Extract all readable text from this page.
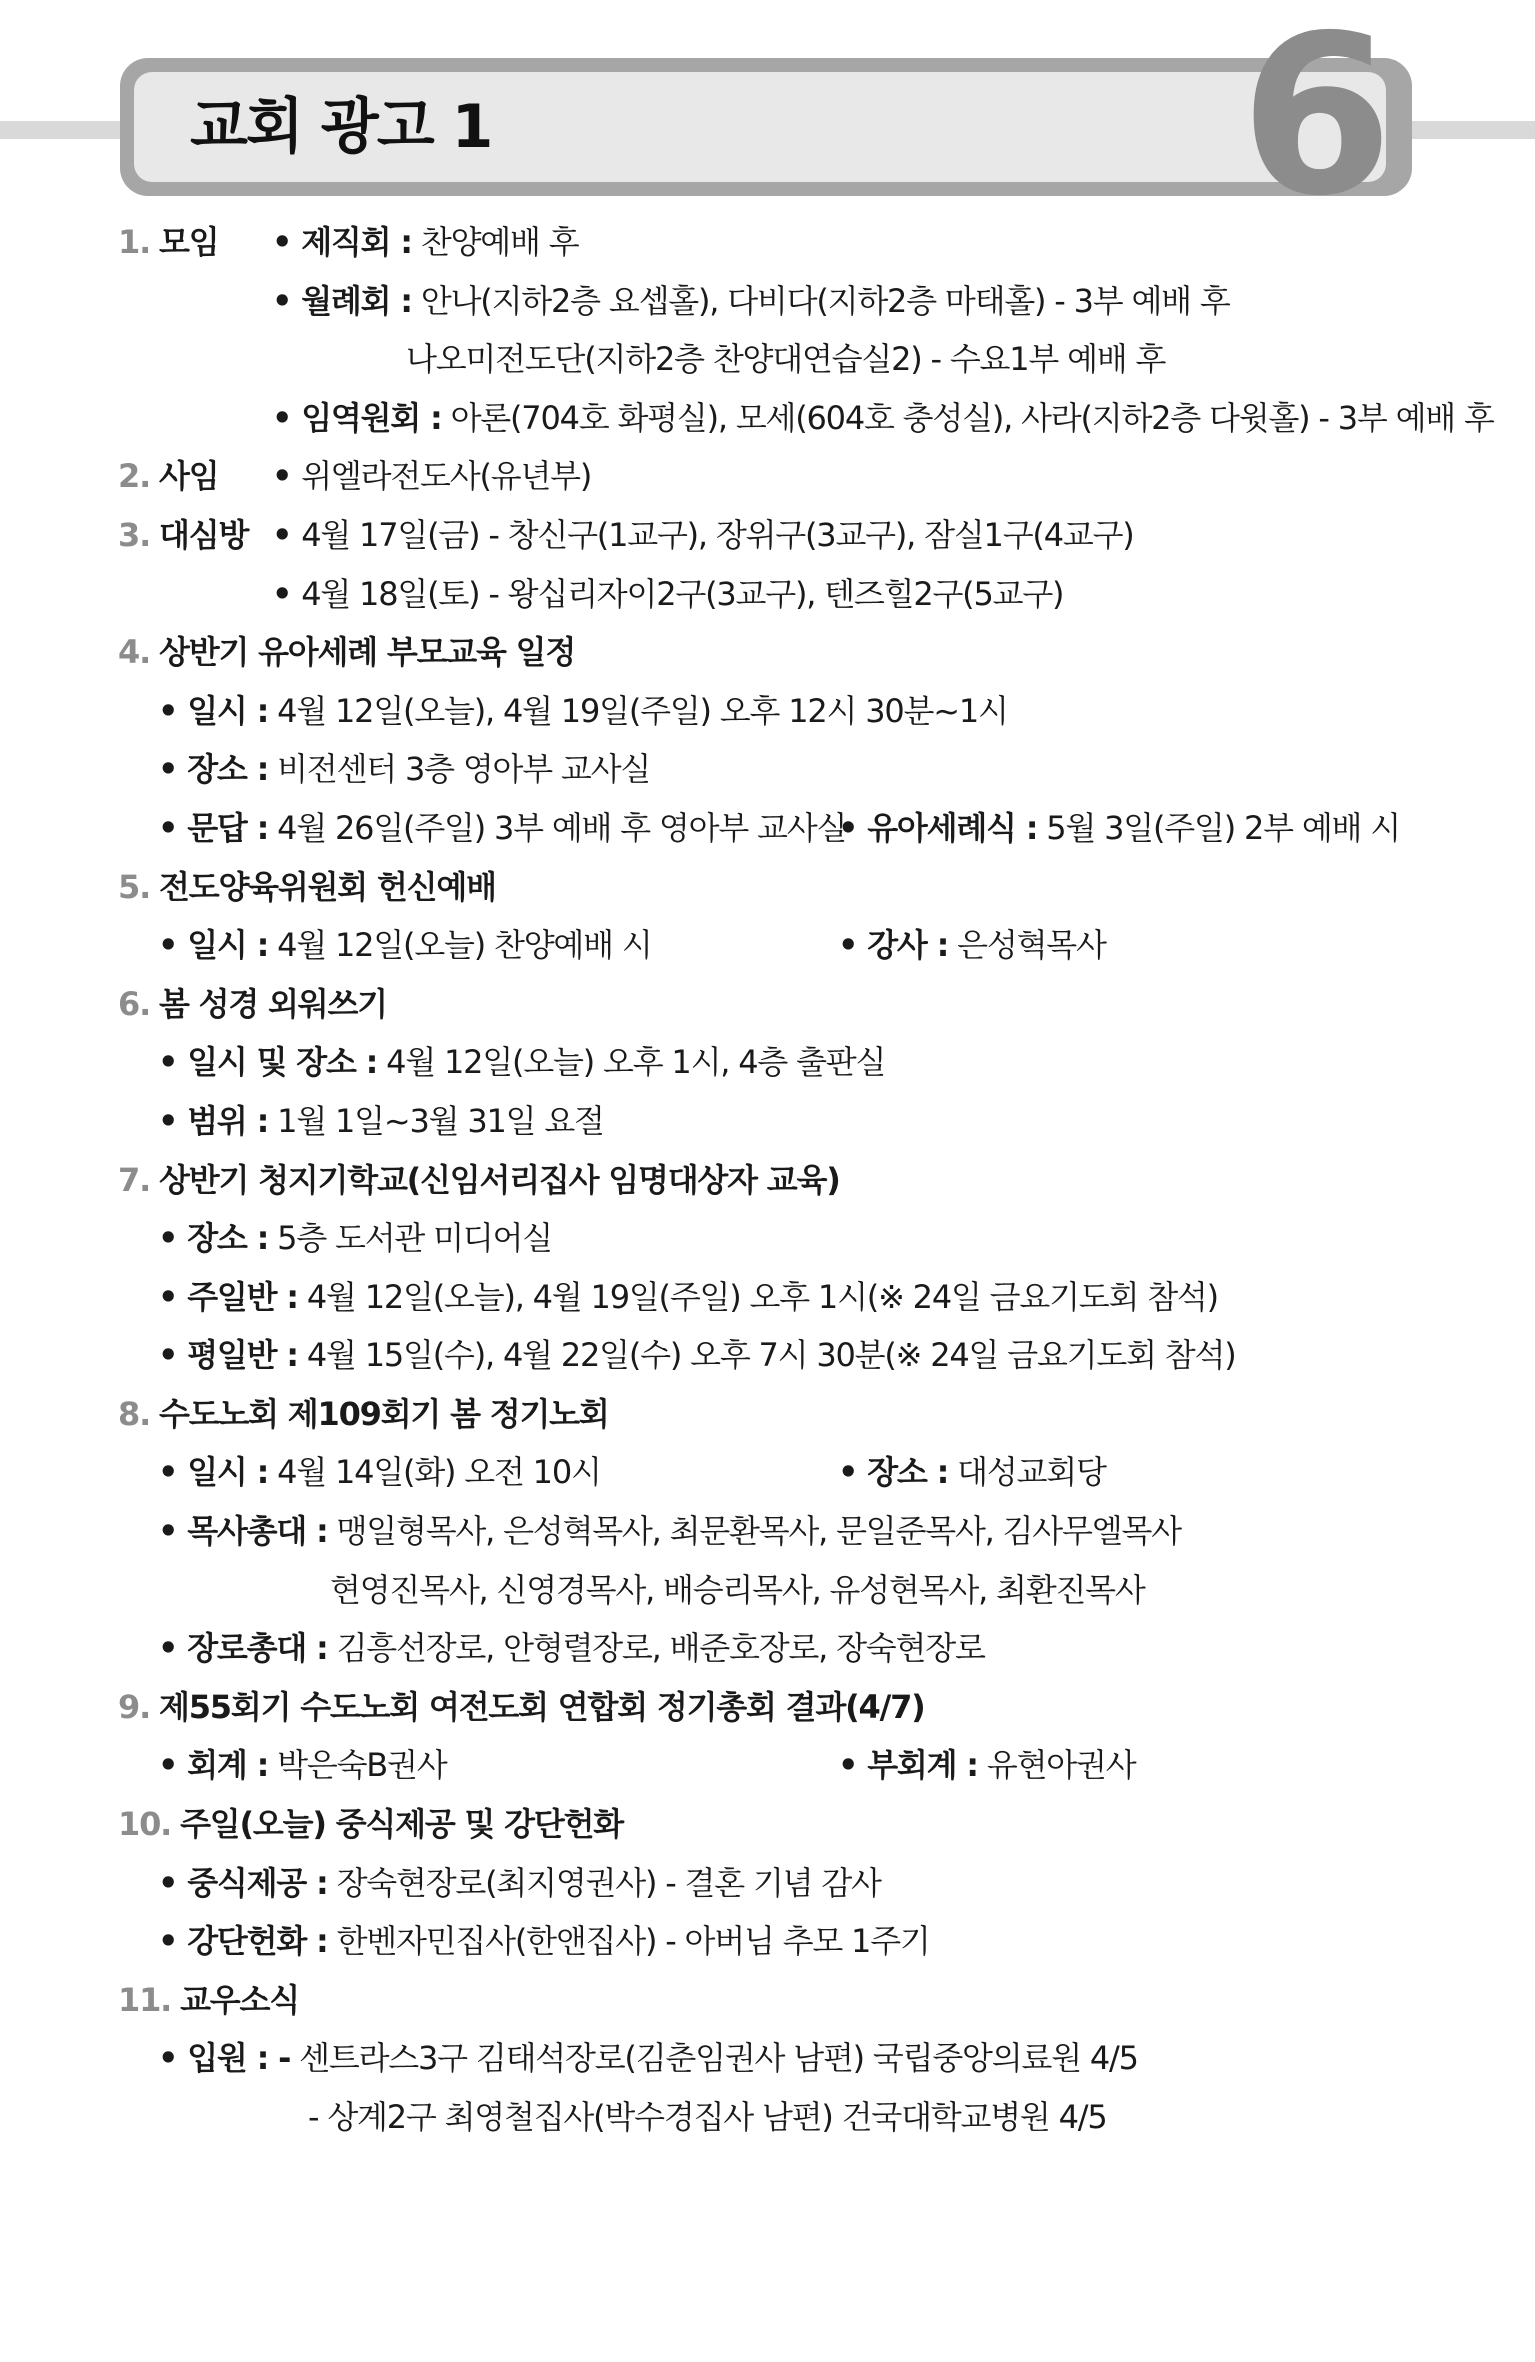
교회 광고 1	6
1. 모임 • 제직회 : 찬양예배 후
• 월례회 : 안나(지하2층 요셉홀), 다비다(지하2층 마태홀) - 3부 예배 후
나오미전도단(지하2층 찬양대연습실2) - 수요1부 예배 후
• 임역원회 : 아론(704호 화평실), 모세(604호 충성실), 사라(지하2층 다윗홀) - 3부 예배 후
2. 사임 • 위엘라전도사(유년부)
3. 대심방 • 4월 17일(금) - 창신구(1교구), 장위구(3교구), 잠실1구(4교구)
• 4월 18일(토) - 왕십리자이2구(3교구), 텐즈힐2구(5교구)
4. 상반기 유아세례 부모교육 일정
• 일시 : 4월 12일(오늘), 4월 19일(주일) 오후 12시 30분~1시
• 장소 : 비전센터 3층 영아부 교사실
• 문답 : 4월 26일(주일) 3부 예배 후 영아부 교사실
• 유아세례식 : 5월 3일(주일) 2부 예배 시
5. 전도양육위원회 헌신예배
• 일시 : 4월 12일(오늘) 찬양예배 시	• 강사 : 은성혁목사
6. 봄 성경 외워쓰기
• 일시 및 장소 : 4월 12일(오늘) 오후 1시, 4층 출판실
• 범위 : 1월 1일~3월 31일 요절
7. 상반기 청지기학교(신임서리집사 임명대상자 교육)
• 장소 : 5층 도서관 미디어실
• 주일반 : 4월 12일(오늘), 4월 19일(주일) 오후 1시(※ 24일 금요기도회 참석)
• 평일반 : 4월 15일(수), 4월 22일(수) 오후 7시 30분(※ 24일 금요기도회 참석)
8. 수도노회 제109회기 봄 정기노회
• 일시 : 4월 14일(화) 오전 10시	• 장소 : 대성교회당
• 목사총대 : 맹일형목사, 은성혁목사, 최문환목사, 문일준목사, 김사무엘목사
현영진목사, 신영경목사, 배승리목사, 유성현목사, 최환진목사
• 장로총대 : 김흥선장로, 안형렬장로, 배준호장로, 장숙현장로
9. 제55회기 수도노회 여전도회 연합회 정기총회 결과(4/7)
• 회계 : 박은숙B권사	• 부회계 : 유현아권사
10. 주일(오늘) 중식제공 및 강단헌화
• 중식제공 : 장숙현장로(최지영권사) - 결혼 기념 감사
• 강단헌화 : 한벤자민집사(한앤집사) - 아버님 추모 1주기
11. 교우소식
• 입원 : - 센트라스3구 김태석장로(김춘임권사 남편) 국립중앙의료원 4/5
- 상계2구 최영철집사(박수경집사 남편) 건국대학교병원 4/5
